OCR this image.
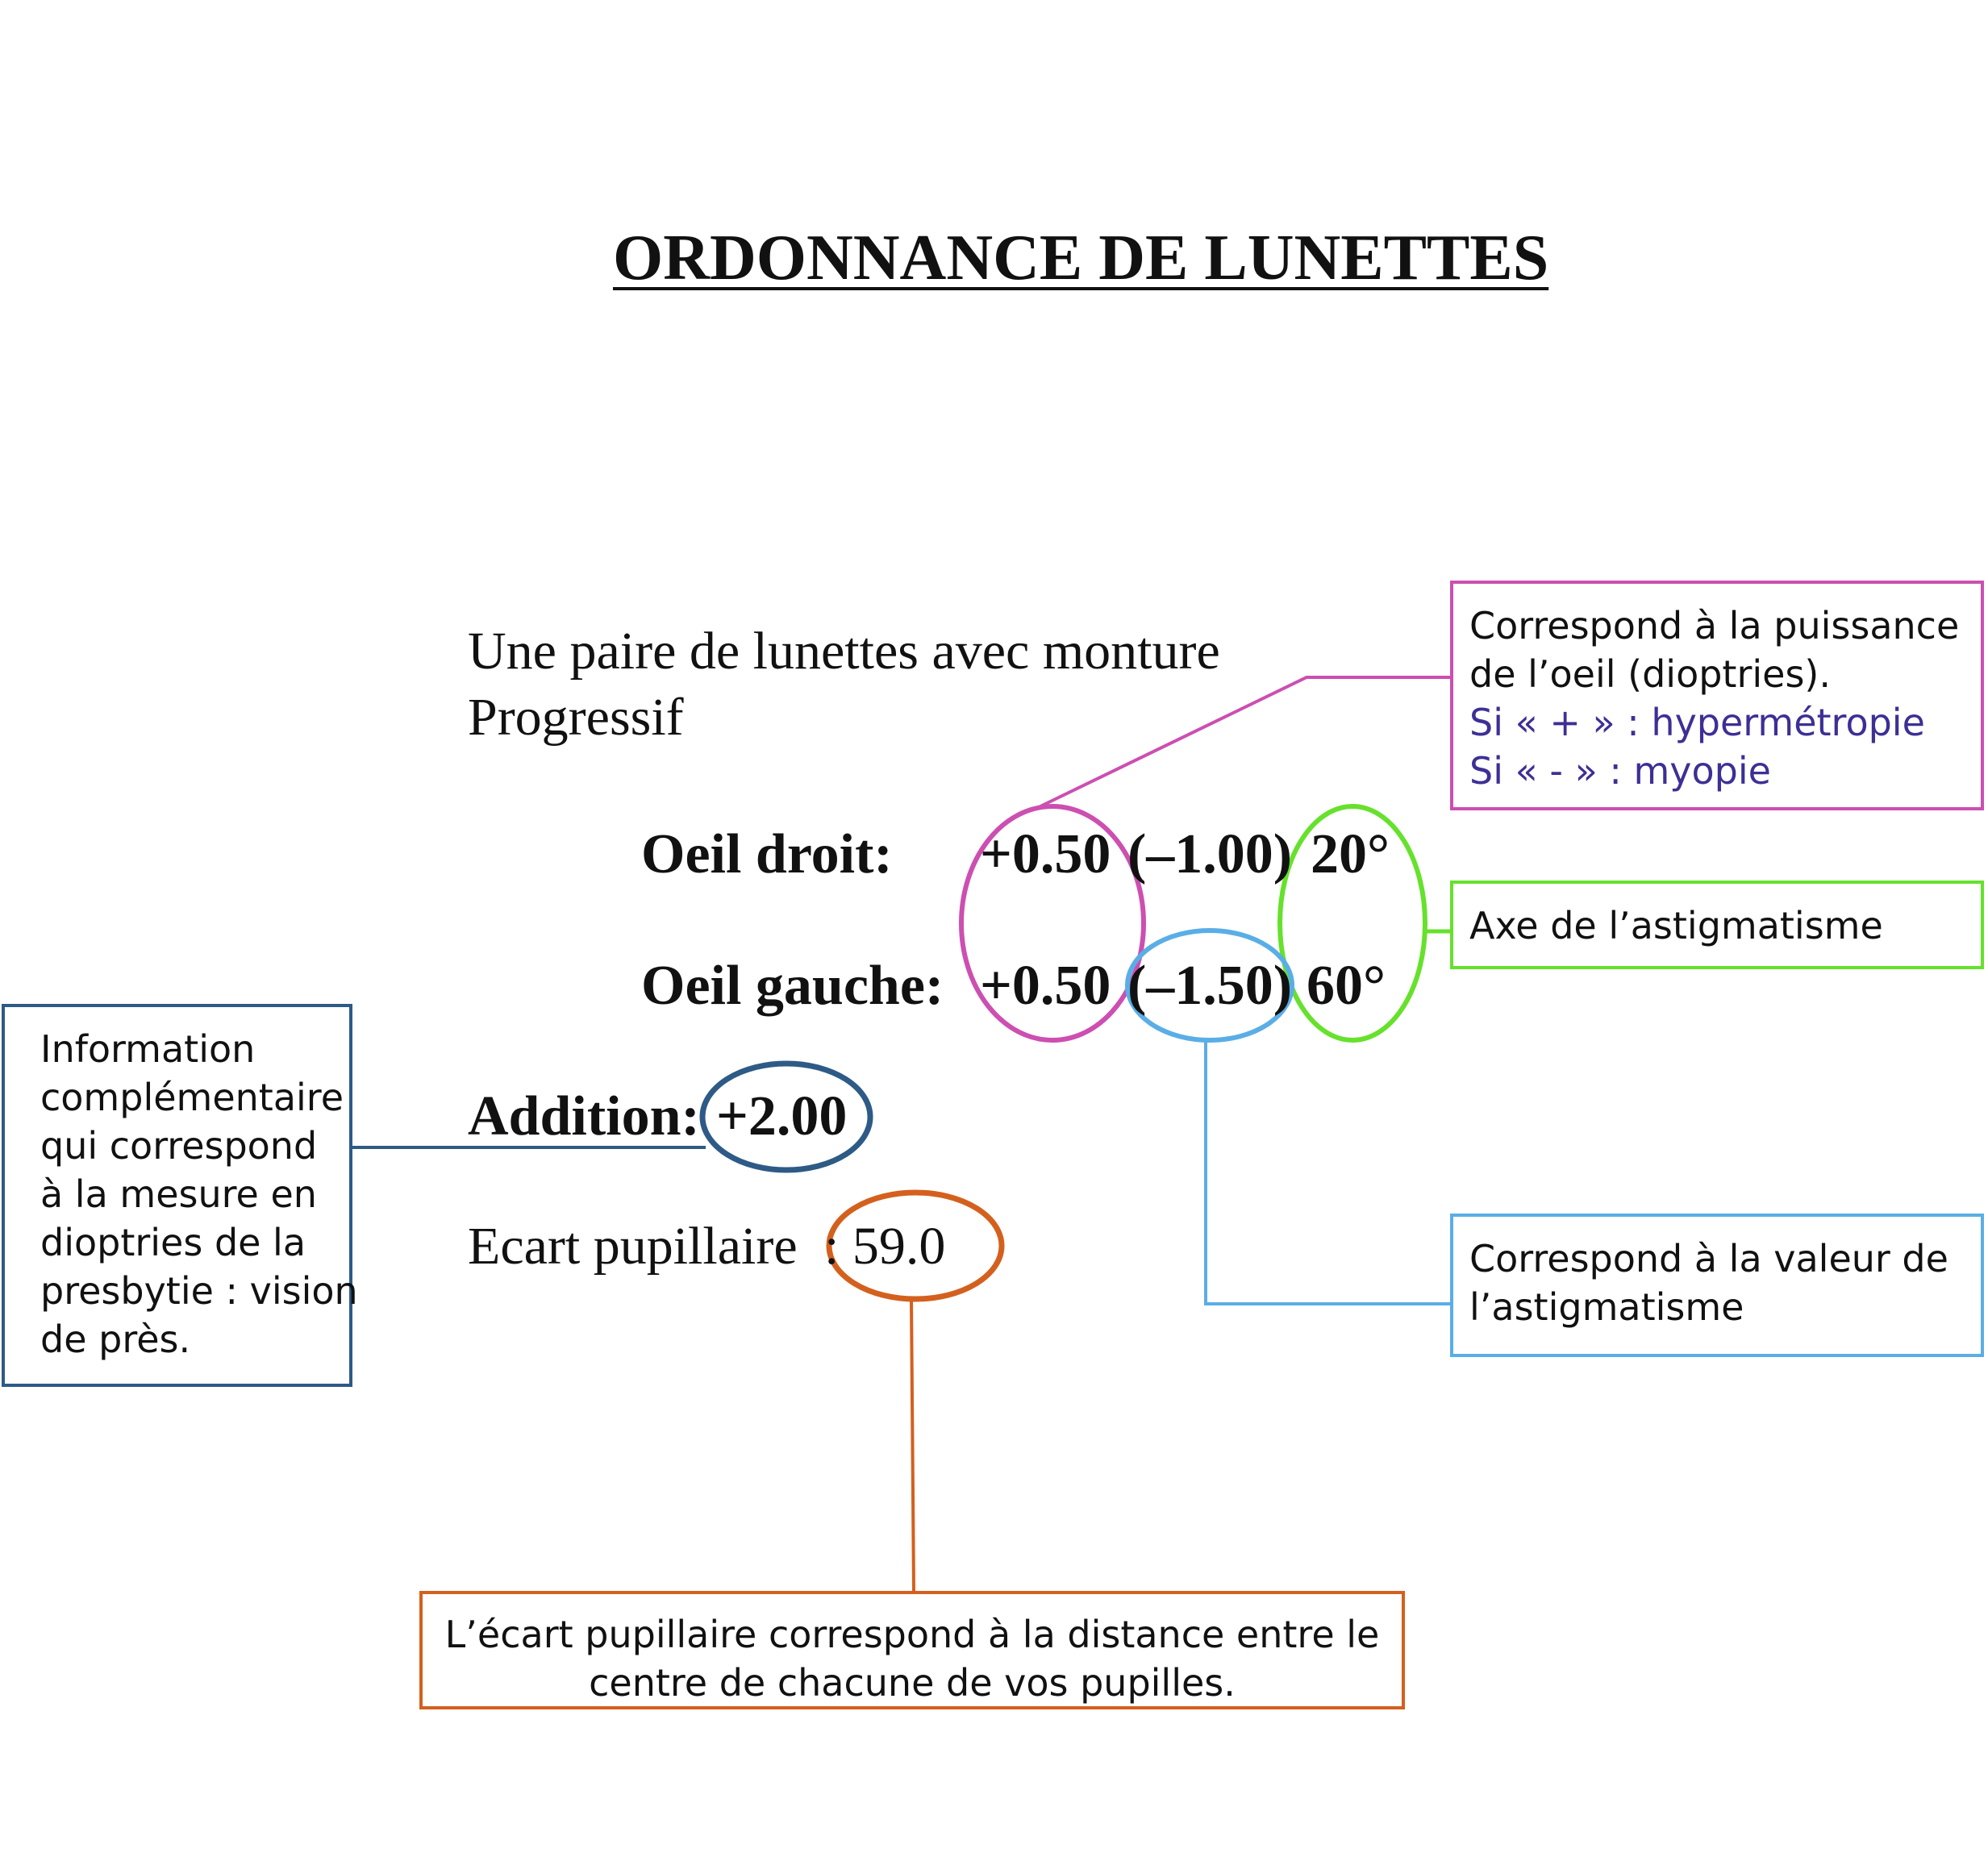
ORDONNANCE DE LUNETTES
Une paire de lunettes avec monture
Progressif
Oeil droit: +0.50 (–1.00) 20°
Oeil gauche: +0.50 (–1.50) 60°
Addition: +2.00
Ecart pupillaire : 59.0
Correspond à la puissance
de l’oeil (dioptries).
Si « + » : hypermétropie
Si « - » : myopie
Axe de l’astigmatisme
Correspond à la valeur de
l’astigmatisme
Information
complémentaire
qui correspond
à la mesure en
dioptries de la
presbytie : vision
de près.
L’écart pupillaire correspond à la distance entre le
centre de chacune de vos pupilles.
